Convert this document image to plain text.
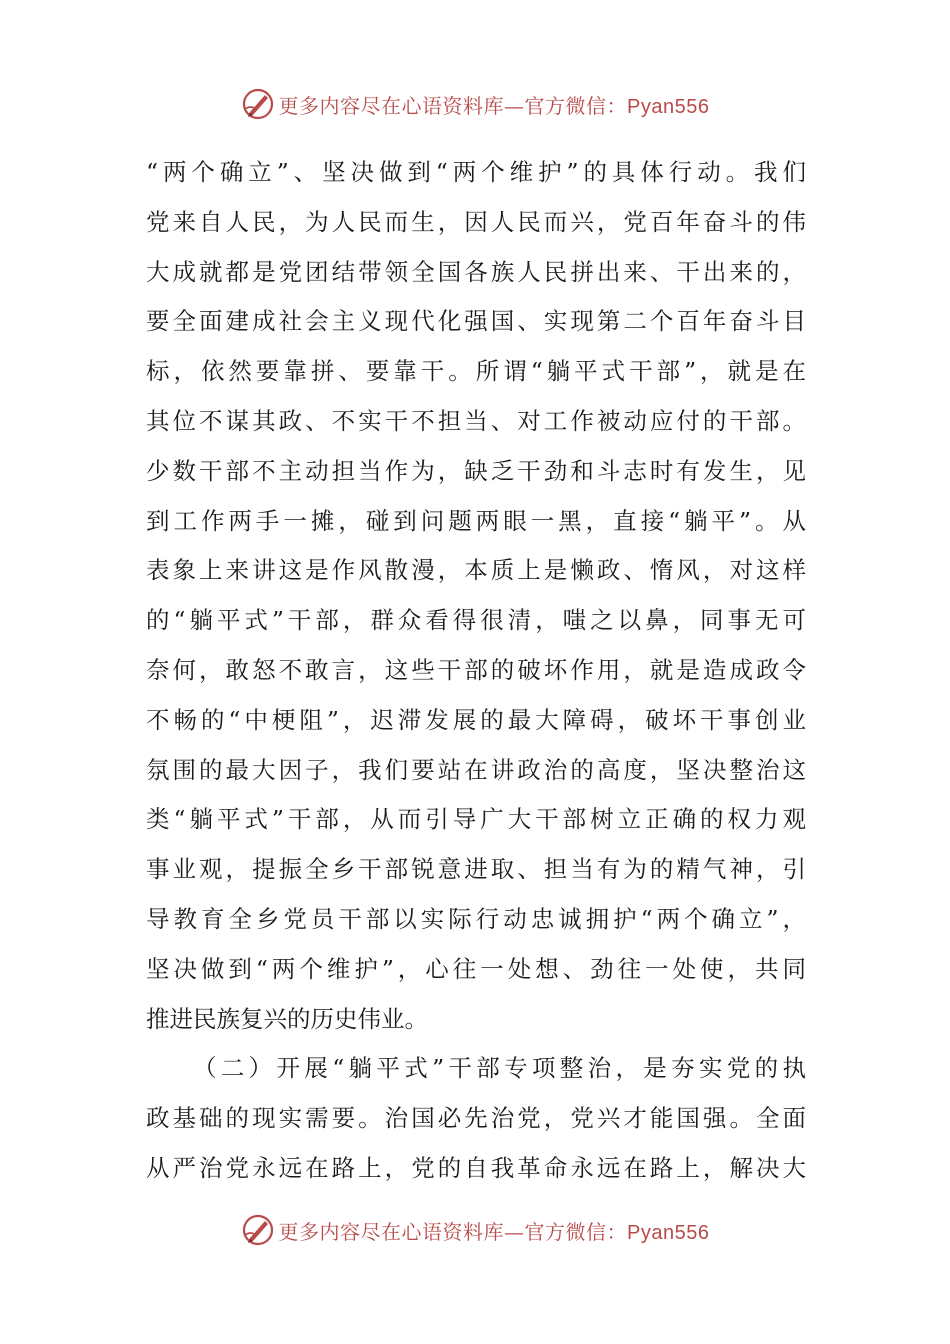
更多内容尽在心语资料库—官方微信：Pyan556
“两个确立”、坚决做到“两个维护”的具体行动。我们
党来自人民，为人民而生，因人民而兴，党百年奋斗的伟
大成就都是党团结带领全国各族人民拼出来、干出来的，
要全面建成社会主义现代化强国、实现第二个百年奋斗目
标，依然要靠拼、要靠干。所谓“躺平式干部”，就是在
其位不谋其政、不实干不担当、对工作被动应付的干部。
少数干部不主动担当作为，缺乏干劲和斗志时有发生，见
到工作两手一摊，碰到问题两眼一黑，直接“躺平”。从
表象上来讲这是作风散漫，本质上是懒政、惰风，对这样
的“躺平式”干部，群众看得很清，嗤之以鼻，同事无可
奈何，敢怒不敢言，这些干部的破坏作用，就是造成政令
不畅的“中梗阻”，迟滞发展的最大障碍，破坏干事创业
氛围的最大因子，我们要站在讲政治的高度，坚决整治这
类“躺平式”干部，从而引导广大干部树立正确的权力观
事业观，提振全乡干部锐意进取、担当有为的精气神，引
导教育全乡党员干部以实际行动忠诚拥护“两个确立”，
坚决做到“两个维护”，心往一处想、劲往一处使，共同
推进民族复兴的历史伟业。
（二）开展“躺平式”干部专项整治，是夯实党的执
政基础的现实需要。治国必先治党，党兴才能国强。全面
从严治党永远在路上，党的自我革命永远在路上，解决大
更多内容尽在心语资料库—官方微信：Pyan556
